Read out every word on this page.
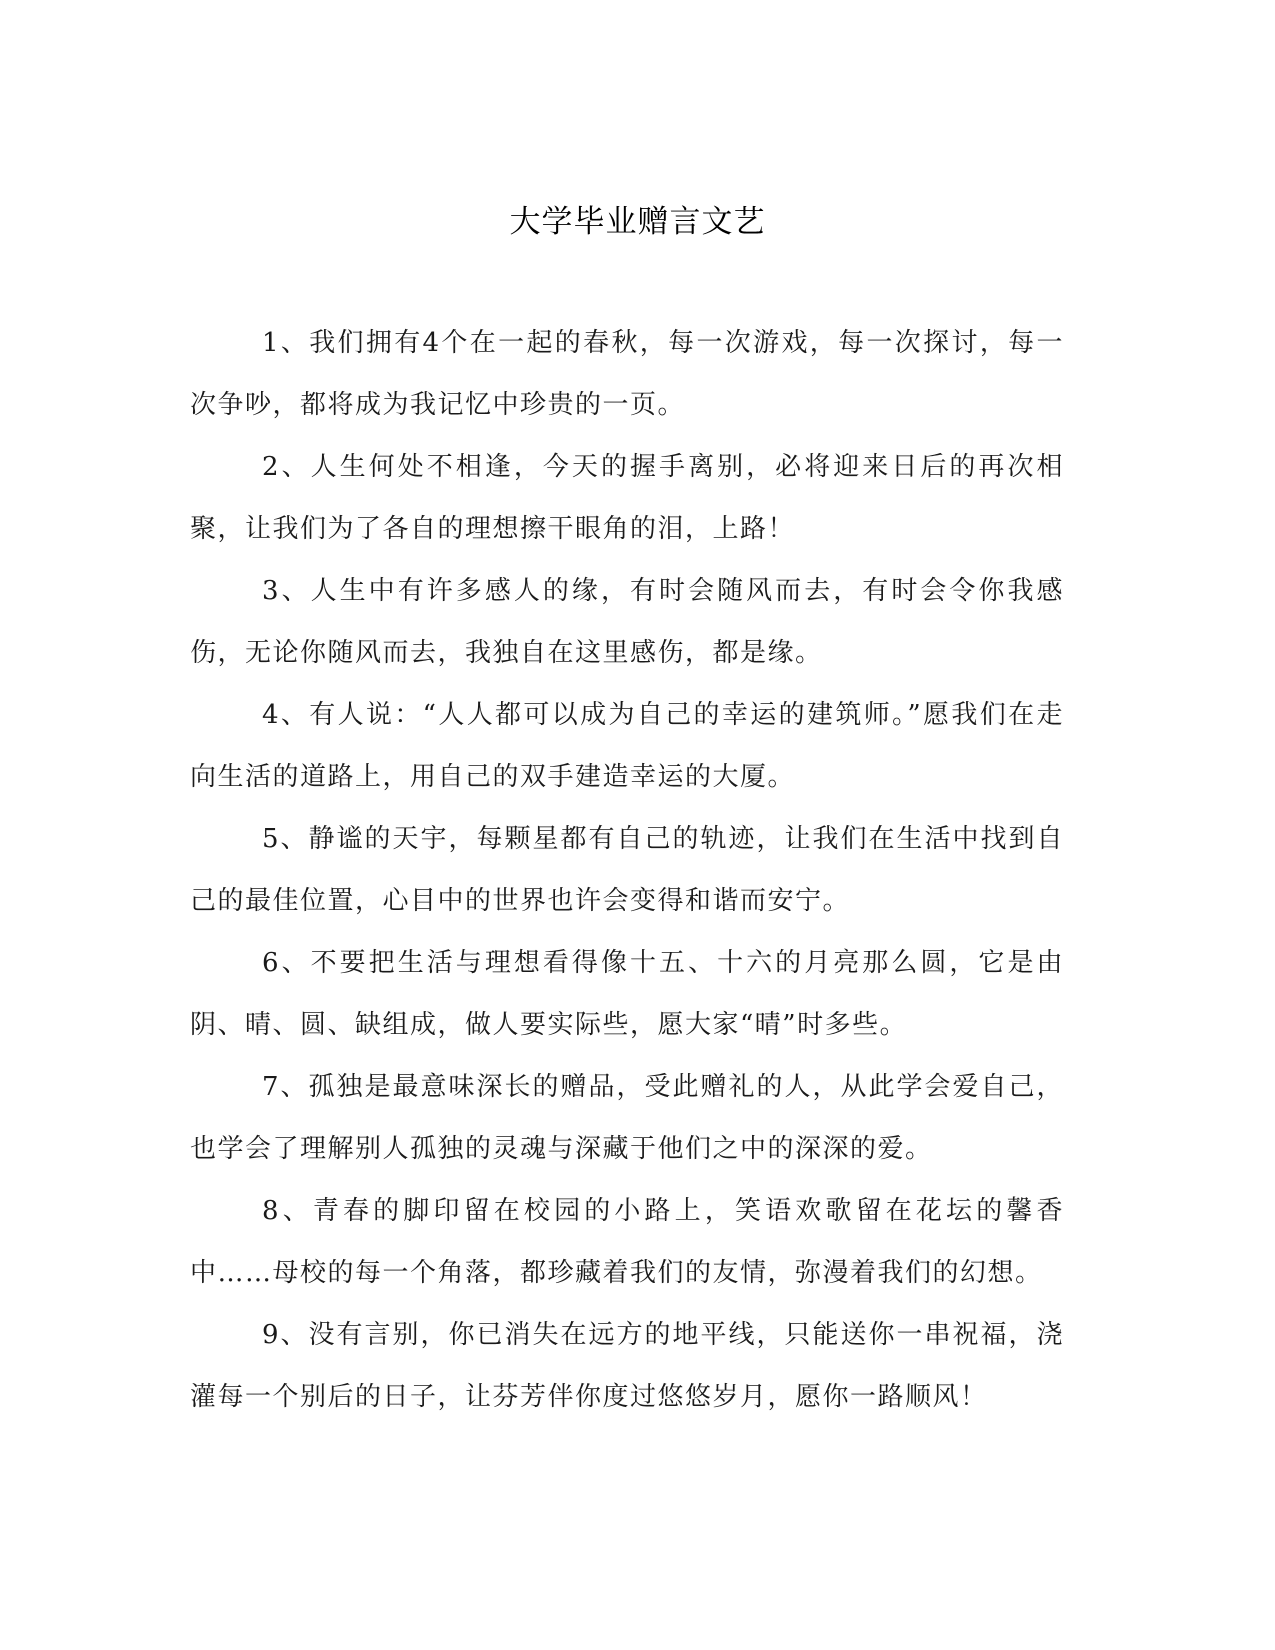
大学毕业赠言文艺

1、我们拥有4个在一起的春秋，每一次游戏，每一次探讨，每一次争吵，都将成为我记忆中珍贵的一页。

2、人生何处不相逢，今天的握手离别，必将迎来日后的再次相聚，让我们为了各自的理想擦干眼角的泪，上路！

3、人生中有许多感人的缘，有时会随风而去，有时会令你我感伤，无论你随风而去，我独自在这里感伤，都是缘。

4、有人说：“人人都可以成为自己的幸运的建筑师。”愿我们在走向生活的道路上，用自己的双手建造幸运的大厦。

5、静谧的天宇，每颗星都有自己的轨迹，让我们在生活中找到自己的最佳位置，心目中的世界也许会变得和谐而安宁。

6、不要把生活与理想看得像十五、十六的月亮那么圆，它是由阴、晴、圆、缺组成，做人要实际些，愿大家“晴”时多些。

7、孤独是最意味深长的赠品，受此赠礼的人，从此学会爱自己，也学会了理解别人孤独的灵魂与深藏于他们之中的深深的爱。

8、青春的脚印留在校园的小路上，笑语欢歌留在花坛的馨香中……母校的每一个角落，都珍藏着我们的友情，弥漫着我们的幻想。

9、没有言别，你已消失在远方的地平线，只能送你一串祝福，浇灌每一个别后的日子，让芬芳伴你度过悠悠岁月，愿你一路顺风！
